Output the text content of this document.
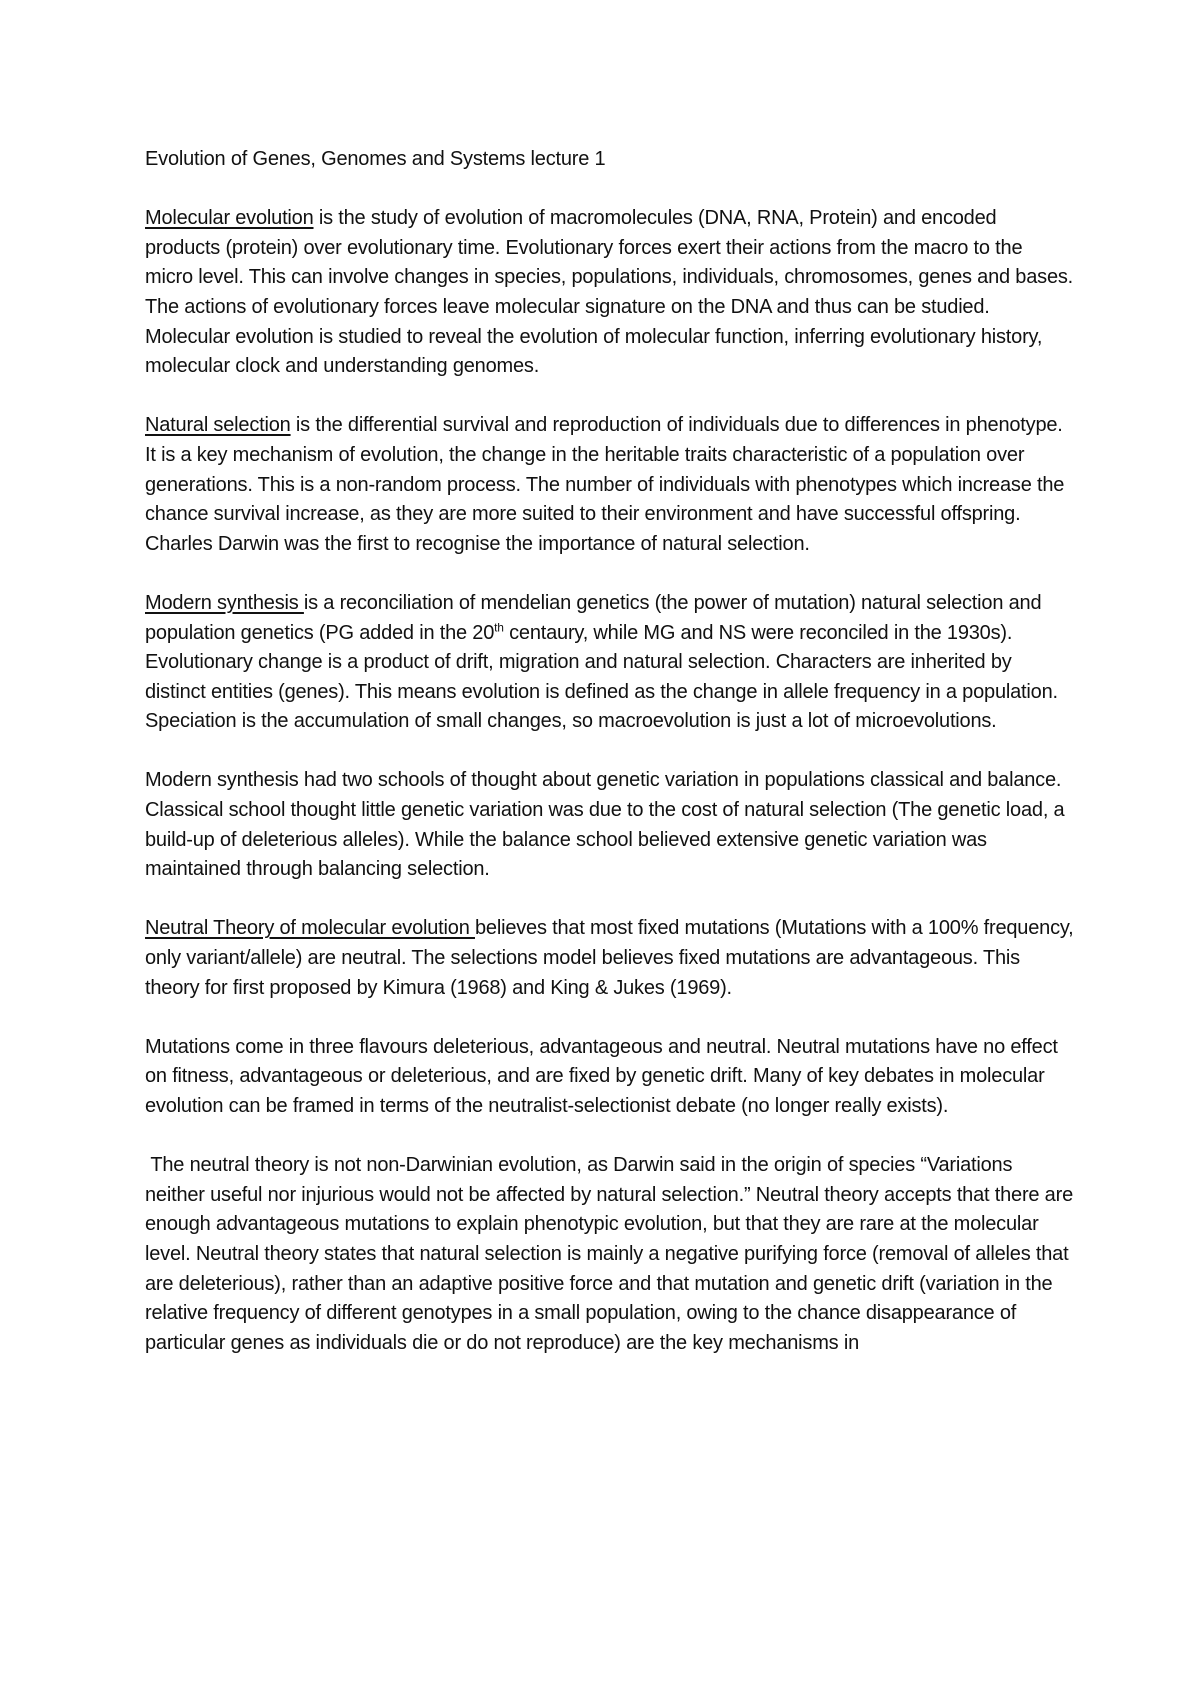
Evolution of Genes, Genomes and Systems lecture 1

Molecular evolution is the study of evolution of macromolecules (DNA, RNA, Protein) and encoded products (protein) over evolutionary time. Evolutionary forces exert their actions from the macro to the micro level. This can involve changes in species, populations, individuals, chromosomes, genes and bases. The actions of evolutionary forces leave molecular signature on the DNA and thus can be studied. Molecular evolution is studied to reveal the evolution of molecular function, inferring evolutionary history, molecular clock and understanding genomes.

Natural selection is the differential survival and reproduction of individuals due to differences in phenotype. It is a key mechanism of evolution, the change in the heritable traits characteristic of a population over generations. This is a non-random process. The number of individuals with phenotypes which increase the chance survival increase, as they are more suited to their environment and have successful offspring. Charles Darwin was the first to recognise the importance of natural selection.

Modern synthesis is a reconciliation of mendelian genetics (the power of mutation) natural selection and population genetics (PG added in the 20th centaury, while MG and NS were reconciled in the 1930s). Evolutionary change is a product of drift, migration and natural selection. Characters are inherited by distinct entities (genes). This means evolution is defined as the change in allele frequency in a population. Speciation is the accumulation of small changes, so macroevolution is just a lot of microevolutions.

Modern synthesis had two schools of thought about genetic variation in populations classical and balance. Classical school thought little genetic variation was due to the cost of natural selection (The genetic load, a build-up of deleterious alleles). While the balance school believed extensive genetic variation was maintained through balancing selection.

Neutral Theory of molecular evolution believes that most fixed mutations (Mutations with a 100% frequency, only variant/allele) are neutral. The selections model believes fixed mutations are advantageous. This theory for first proposed by Kimura (1968) and King & Jukes (1969).

Mutations come in three flavours deleterious, advantageous and neutral. Neutral mutations have no effect on fitness, advantageous or deleterious, and are fixed by genetic drift. Many of key debates in molecular evolution can be framed in terms of the neutralist-selectionist debate (no longer really exists).

The neutral theory is not non-Darwinian evolution, as Darwin said in the origin of species “Variations neither useful nor injurious would not be affected by natural selection.” Neutral theory accepts that there are enough advantageous mutations to explain phenotypic evolution, but that they are rare at the molecular level. Neutral theory states that natural selection is mainly a negative purifying force (removal of alleles that are deleterious), rather than an adaptive positive force and that mutation and genetic drift (variation in the relative frequency of different genotypes in a small population, owing to the chance disappearance of particular genes as individuals die or do not reproduce) are the key mechanisms in
